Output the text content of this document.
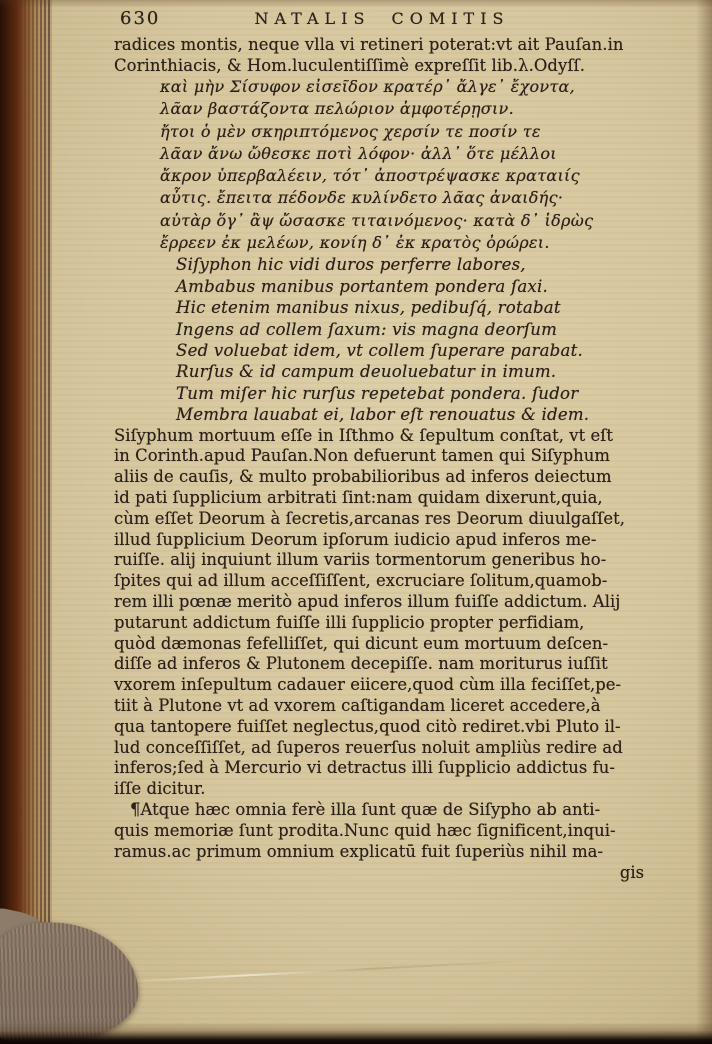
630	NATALIS COMITIS
radices montis, neque vlla vi retineri poterat:vt ait Pauſan.in
Corinthiacis, & Hom.luculentiſſimè expreſſit lib.λ.Odyſſ.
καὶ μὴν Σίσυφον εἰσεῖδον κρατέρ᾽ ἄλγε᾽ ἔχοντα,
λᾶαν βαστάζοντα πελώριον ἀμφοτέρῃσιν.
ἤτοι ὁ μὲν σκηριπτόμενος χερσίν τε ποσίν τε
λᾶαν ἄνω ὤθεσκε ποτὶ λόφον· ἀλλ᾽ ὅτε μέλλοι
ἄκρον ὑπερβαλέειν, τότ᾽ ἀποστρέψασκε κραταιίς
αὖτις. ἔπειτα πέδονδε κυλίνδετο λᾶας ἀναιδής·
αὐτὰρ ὅγ᾽ ἂψ ὤσασκε τιταινόμενος· κατὰ δ᾽ ἱδρὼς
ἔρρεεν ἐκ μελέων, κονίη δ᾽ ἐκ κρατὸς ὀρώρει.
Siſyphon hic vidi duros perferre labores,
Ambabus manibus portantem pondera ſaxi.
Hic etenim manibus nixus, pedibuſq́, rotabat
Ingens ad collem ſaxum: vis magna deorſum
Sed voluebat idem, vt collem ſuperare parabat.
Rurſus & id campum deuoluebatur in imum.
Tum miſer hic rurſus repetebat pondera. ſudor
Membra lauabat ei, labor eſt renouatus & idem.
Siſyphum mortuum eſſe in Iſthmo & ſepultum conſtat, vt eſt
in Corinth.apud Pauſan.Non defuerunt tamen qui Siſyphum
aliis de cauſis, & multo probabilioribus ad inferos deiectum
id pati ſupplicium arbitrati ſint:nam quidam dixerunt,quia,
cùm eſſet Deorum à ſecretis,arcanas res Deorum diuulgaſſet,
illud ſupplicium Deorum ipſorum iudicio apud inferos me-
ruiſſe. alij inquiunt illum variis tormentorum generibus ho-
ſpites qui ad illum acceſſiſſent, excruciare ſolitum,quamob-
rem illi pœnæ meritò apud inferos illum fuiſſe addictum. Alij
putarunt addictum fuiſſe illi ſupplicio propter perfidiam,
quòd dæmonas fefelliſſet, qui dicunt eum mortuum deſcen-
diſſe ad inferos & Plutonem decepiſſe. nam moriturus iuſſit
vxorem inſepultum cadauer eiicere,quod cùm illa feciſſet,pe-
tiit à Plutone vt ad vxorem caſtigandam liceret accedere,à
qua tantopere fuiſſet neglectus,quod citò rediret.vbi Pluto il-
lud conceſſiſſet, ad ſuperos reuerſus noluit ampliùs redire ad
inferos;ſed à Mercurio vi detractus illi ſupplicio addictus fu-
iſſe dicitur.
¶Atque hæc omnia ferè illa ſunt quæ de Siſypho ab anti-
quis memoriæ ſunt prodita.Nunc quid hæc ſignificent,inqui-
ramus.ac primum omnium explicatū fuit ſuperiùs nihil ma-
gis
